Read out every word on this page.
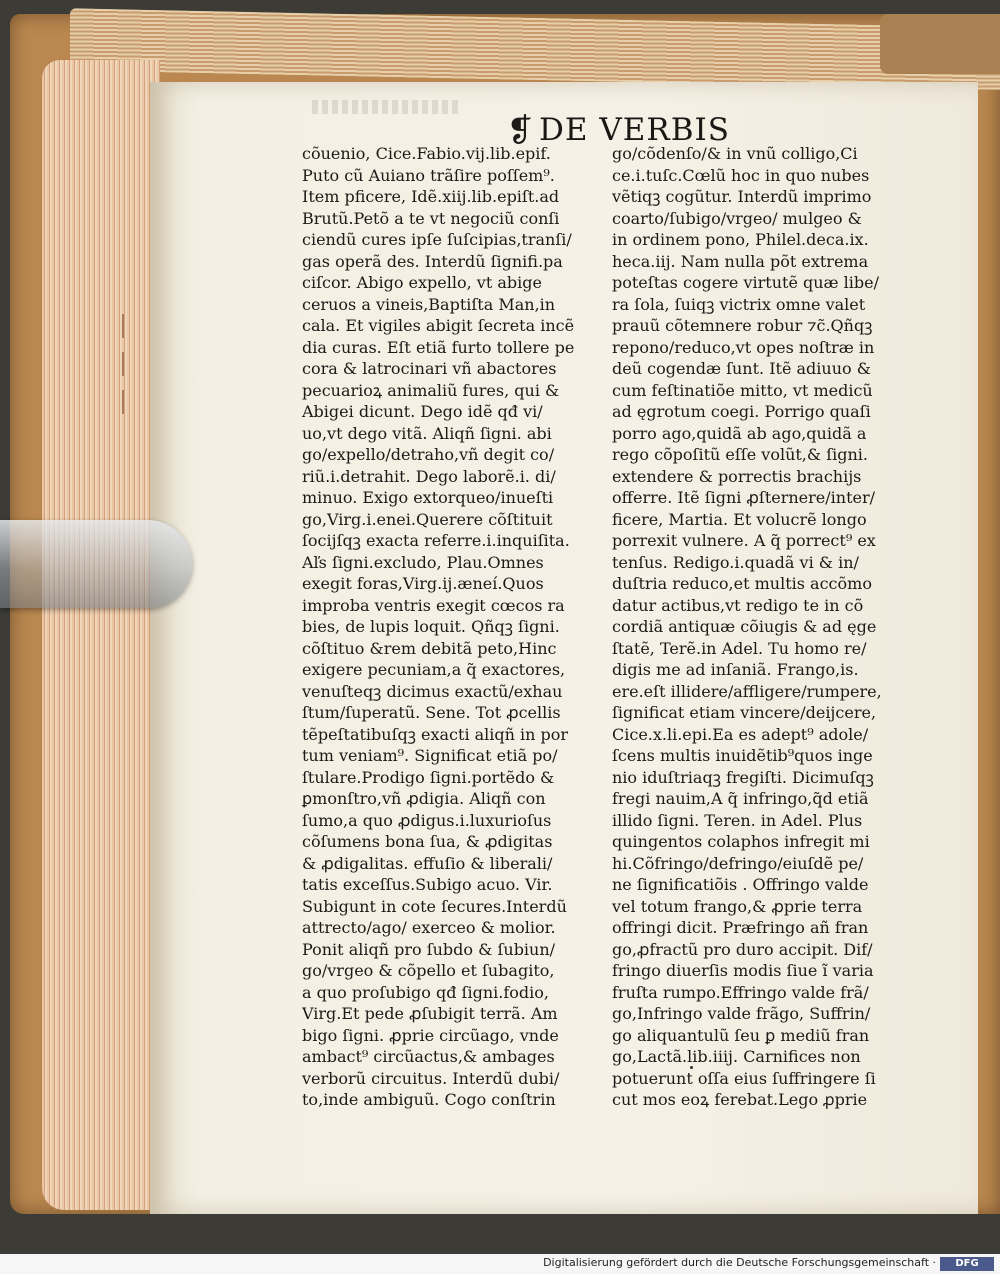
❡ DE VERBIS
cõuenio, Cice.Fabio.vij.lib.epif.
Puto cũ Auiano trãſire poſſem⁹.
Item pficere, Idẽ.xiij.lib.epiſt.ad
Brutũ.Petõ a te vt negociũ conſi
ciendũ cures ipſe ſuſcipias,tranſi/
gas operã des. Interdũ ſignifi.pa
ciſcor. Abigo expello, vt abige
ceruos a vineis,Baptiſta Man,in
cala. Et vigiles abigit ſecreta incẽ
dia curas. Eſt etiã furto tollere pe
cora & latrocinari vñ abactores
pecuarioꝝ animaliũ fures, qui &
Abigei dicunt. Dego idẽ qđ vi/
uo,vt dego vitã. Aliqñ ſigni. abi
go/expello/detraho,vñ degit co/
riũ.i.detrahit. Dego laborẽ.i. di/
minuo. Exigo extorqueo/inueſti
go,Virg.i.enei.Querere cõſtituit
ſocijſqꝫ exacta referre.i.inquiſita.
Aľs ſigni.excludo, Plau.Omnes
exegit foras,Virg.ij.æneí.Quos
improba ventris exegit cœcos ra
bies, de lupis loquit. Qñqꝫ ſigni.
cõſtituo &rem debitã peto,Hinc
exigere pecuniam,a q̃ exactores,
venuſteqꝫ dicimus exactũ/exhau
ſtum/ſuperatũ. Sene. Tot ꝓcellis
tẽpeſtatibuſqꝫ exacti aliqñ in por
tum veniam⁹. Significat etiã po/
ſtulare.Prodigo ſigni.portẽdo &
ꝑmonſtro,vñ ꝓdigia. Aliqñ con
ſumo,a quo ꝓdigus.i.luxurioſus
cõſumens bona ſua, & ꝓdigitas
& ꝓdigalitas. effuſio & liberali/
tatis exceſſus.Subigo acuo. Vir.
Subigunt in cote ſecures.Interdũ
attrecto/ago/ exerceo & molior.
Ponit aliqñ pro ſubdo & ſubiun/
go/vrgeo & cõpello et ſubagito,
a quo proſubigo qđ ſigni.fodio,
Virg.Et pede ꝓſubigit terrã. Am
bigo ſigni. ꝓprie circũago, vnde
ambact⁹ circũactus,& ambages
verborũ circuitus. Interdũ dubi/
to,inde ambiguũ. Cogo conſtrin
go/cõdenſo/& in vnũ colligo,Ci
ce.i.tuſc.Cœlũ hoc in quo nubes
vẽtiqꝫ cogũtur. Interdũ imprimo
coarto/ſubigo/vrgeo/ mulgeo &
in ordinem pono, Philel.deca.ix.
heca.iij. Nam nulla põt extrema
poteſtas cogere virtutẽ quæ libe/
ra ſola, ſuiqꝫ victrix omne valet
prauũ cõtemnere robur ⁊c̃.Qñqꝫ
repono/reduco,vt opes noſtræ in
deũ cogendæ ſunt. Itẽ adiuuo &
cum feſtinatiõe mitto, vt medicũ
ad ęgrotum coegi. Porrigo quaſi
porro ago,quidã ab ago,quidã a
rego cõpoſitũ eſſe volũt,& ſigni.
extendere & porrectis brachijs
offerre. Itẽ ſigni ꝓſternere/inter/
ficere, Martia. Et volucrẽ longo
porrexit vulnere. A q̃ porrect⁹ ex
tenſus. Redigo.i.quadã vi & in/
duſtria reduco,et multis accõmo
datur actibus,vt redigo te in cõ
cordiã antiquæ cõiugis & ad ęge
ſtatẽ, Terẽ.in Adel. Tu homo re/
digis me ad inſaniã. Frango,is.
ere.eſt illidere/affligere/rumpere,
ſignificat etiam vincere/deijcere,
Cice.x.li.epi.Ea es adept⁹ adole/
ſcens multis inuidẽtib⁹quos inge
nio iduſtriaqꝫ fregiſti. Dicimuſqꝫ
fregi nauim,A q̃ infringo,q̃d etiã
illido ſigni. Teren. in Adel. Plus
quingentos colaphos infregit mi
hi.Cõfringo/defringo/eiuſdẽ pe/
ne ſignificatiõis . Offringo valde
vel totum frango,& ꝓprie terra
offringi dicit. Præfringo añ fran
go,ꝓfractũ pro duro accipit. Dif/
fringo diuerſis modis ſiue ĩ varia
fruſta rumpo.Effringo valde frã/
go,Infringo valde frãgo, Suffrin/
go aliquantulũ ſeu ꝑ mediũ fran
go,Lactã.lib.iiij. Carnifices non
potuerunt oſſa eius ſuffringere ſi
cut mos eoꝝ ferebat.Lego ꝓprie
Digitalisierung gefördert durch die Deutsche Forschungsgemeinschaft ·	DFG
